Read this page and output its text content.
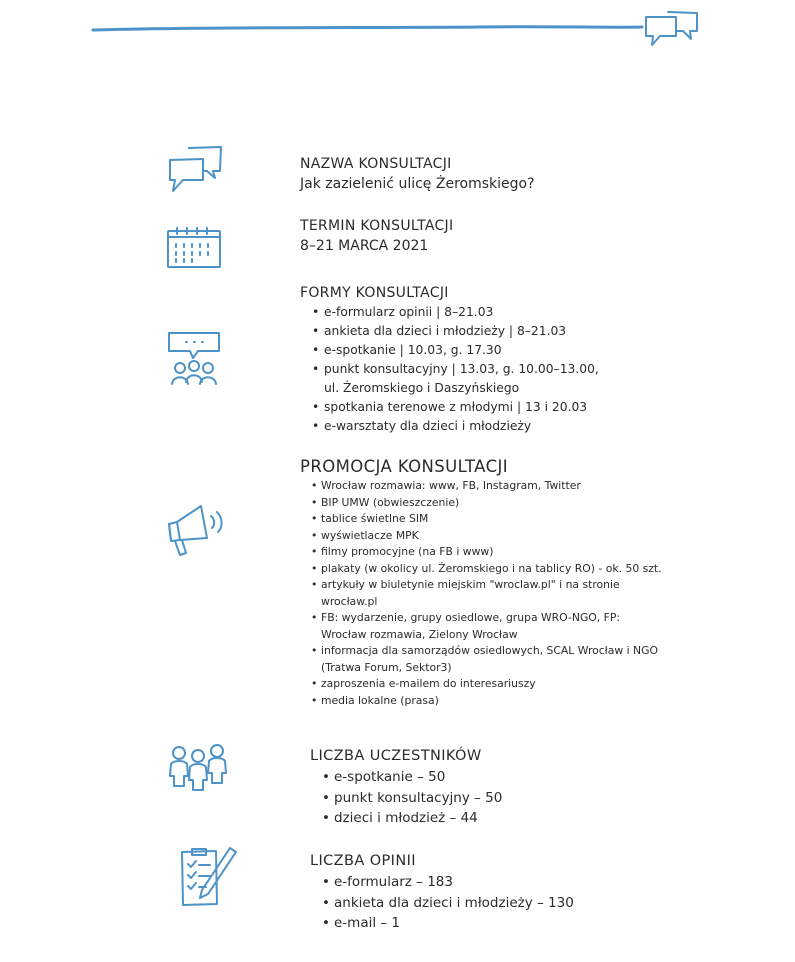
NAZWA KONSULTACJI
Jak zazielenić ulicę Żeromskiego?
TERMIN KONSULTACJI
8–21 MARCA 2021
FORMY KONSULTACJI
• e-formularz opinii | 8–21.03
• ankieta dla dzieci i młodzieży | 8–21.03
• e-spotkanie | 10.03, g. 17.30
• punkt konsultacyjny | 13.03, g. 10.00–13.00,
ul. Żeromskiego i Daszyńskiego
• spotkania terenowe z młodymi | 13 i 20.03
• e-warsztaty dla dzieci i młodzieży
PROMOCJA KONSULTACJI
• Wrocław rozmawia: www, FB, Instagram, Twitter
• BIP UMW (obwieszczenie)
• tablice świetlne SIM
• wyświetlacze MPK
• filmy promocyjne (na FB i www)
• plakaty (w okolicy ul. Żeromskiego i na tablicy RO) - ok. 50 szt.
• artykuły w biuletynie miejskim "wroclaw.pl" i na stronie
wrocław.pl
• FB: wydarzenie, grupy osiedlowe, grupa WRO-NGO, FP:
Wrocław rozmawia, Zielony Wrocław
• informacja dla samorządów osiedlowych, SCAL Wrocław i NGO
(Tratwa Forum, Sektor3)
• zaproszenia e-mailem do interesariuszy
• media lokalne (prasa)
LICZBA UCZESTNIKÓW
• e-spotkanie – 50
• punkt konsultacyjny – 50
• dzieci i młodzież – 44
LICZBA OPINII
• e-formularz – 183
• ankieta dla dzieci i młodzieży – 130
• e-mail – 1
